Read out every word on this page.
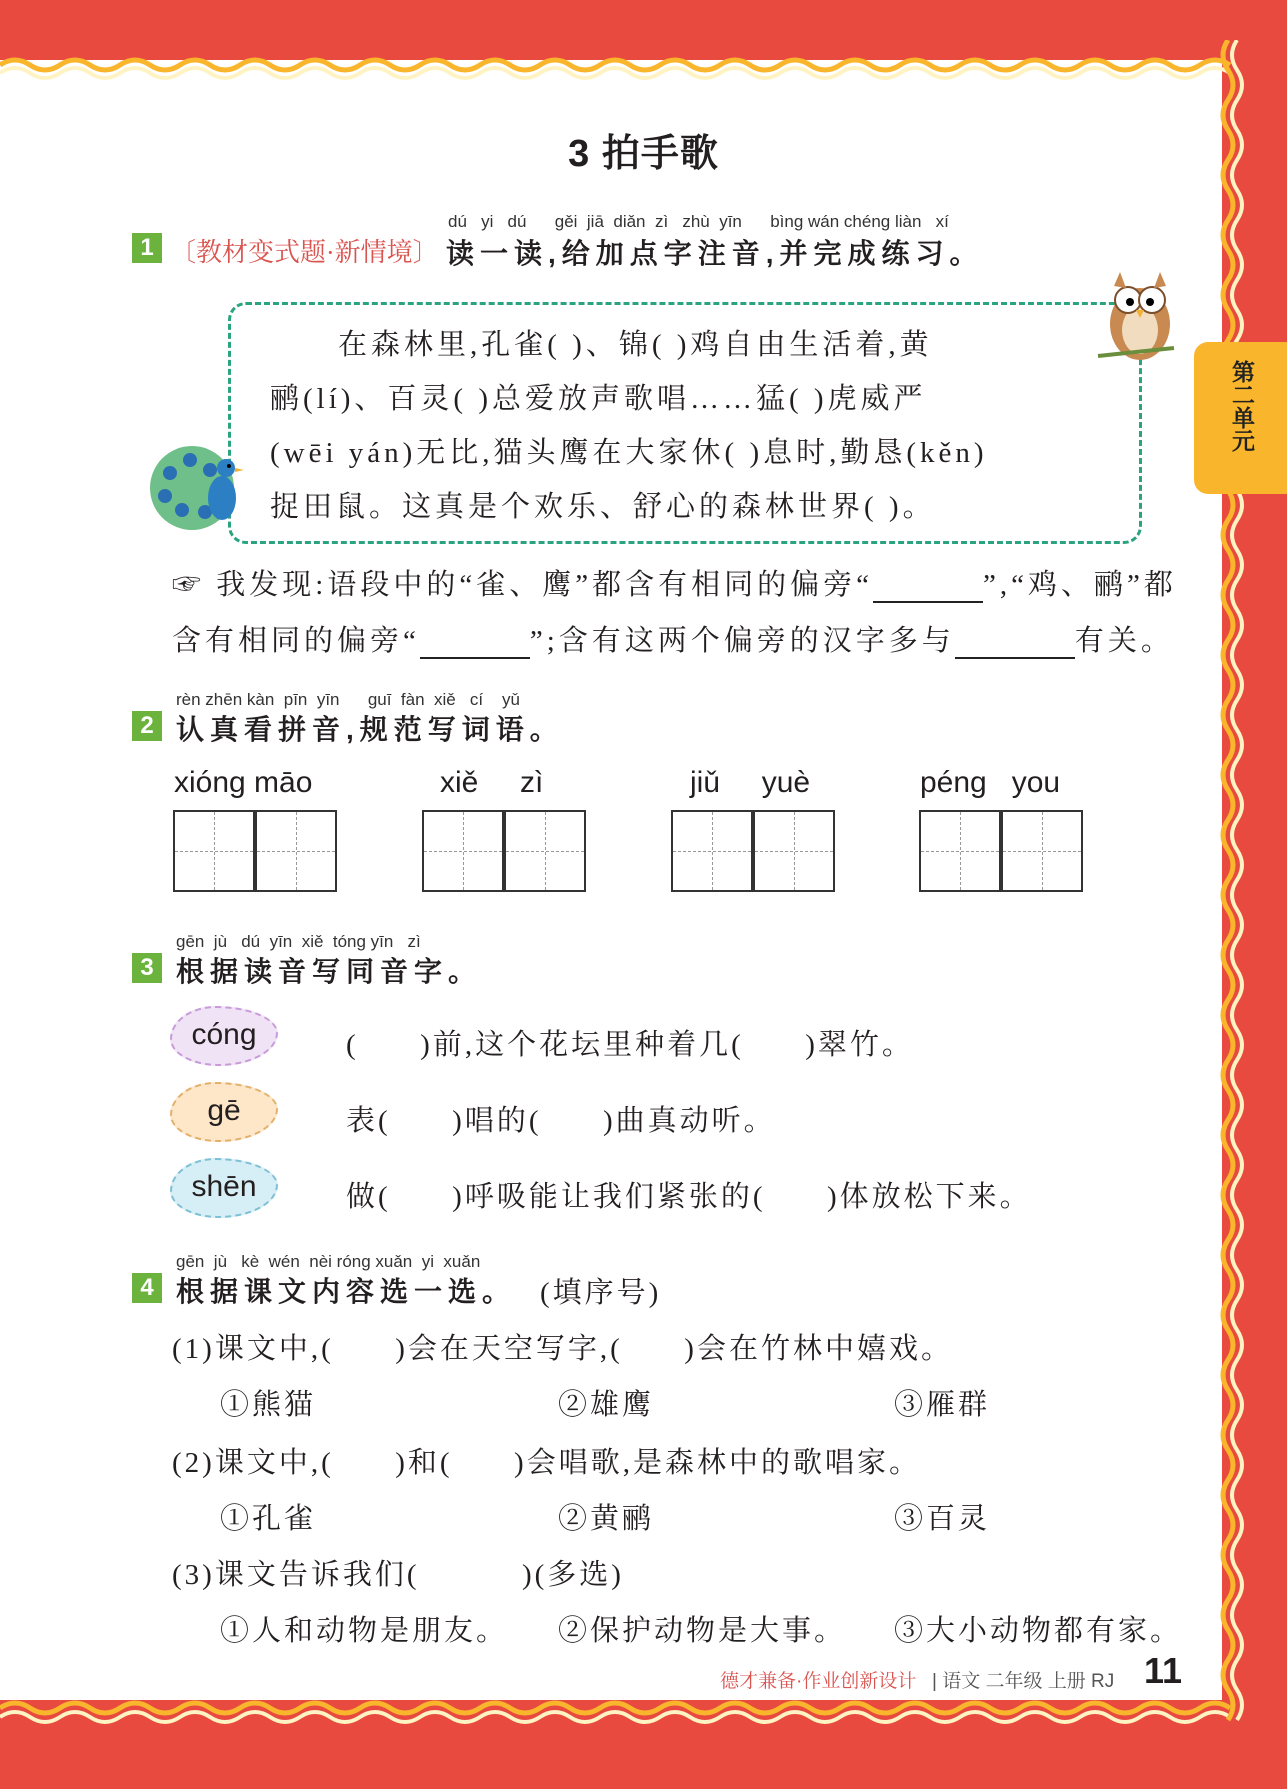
第二单元
3 拍手歌
1 〔教材变式题·新情境〕
dú   yi   dú      gěi  jiā  diǎn  zì   zhù  yīn      bìng wán chéng liàn   xí
读一读,给加点字注音,并完成练习。
在森林里,孔雀( )、锦( )鸡自由生活着,黄
鹂(lí)、百灵( )总爱放声歌唱……猛( )虎威严
(wēi yán)无比,猫头鹰在大家休( )息时,勤恳(kěn)
捉田鼠。这真是个欢乐、舒心的森林世界( )。
☞ 我发现:语段中的“雀、鹰”都含有相同的偏旁“	”,“鸡、鹂”都
含有相同的偏旁“	”;含有这两个偏旁的汉字多与	有关。
rèn zhēn kàn  pīn  yīn      guī  fàn  xiě   cí    yǔ
2 认真看拼音,规范写词语。
xióng māo	xiě     zì	jiǔ     yuè	péng   you
gēn  jù   dú  yīn  xiě  tóng yīn   zì
3 根据读音写同音字。
cóng	(      )前,这个花坛里种着几(      )翠竹。
gē	表(      )唱的(      )曲真动听。
shēn	做(      )呼吸能让我们紧张的(      )体放松下来。
gēn  jù   kè  wén  nèi róng xuǎn  yi  xuǎn
4 根据课文内容选一选。 (填序号)
(1)课文中,(      )会在天空写字,(      )会在竹林中嬉戏。
①熊猫	②雄鹰	③雁群
(2)课文中,(      )和(      )会唱歌,是森林中的歌唱家。
①孔雀	②黄鹂	③百灵
(3)课文告诉我们(          )(多选)
①人和动物是朋友。 ②保护动物是大事。 ③大小动物都有家。
德才兼备·作业创新设计 | 语文 二年级 上册 RJ 11
